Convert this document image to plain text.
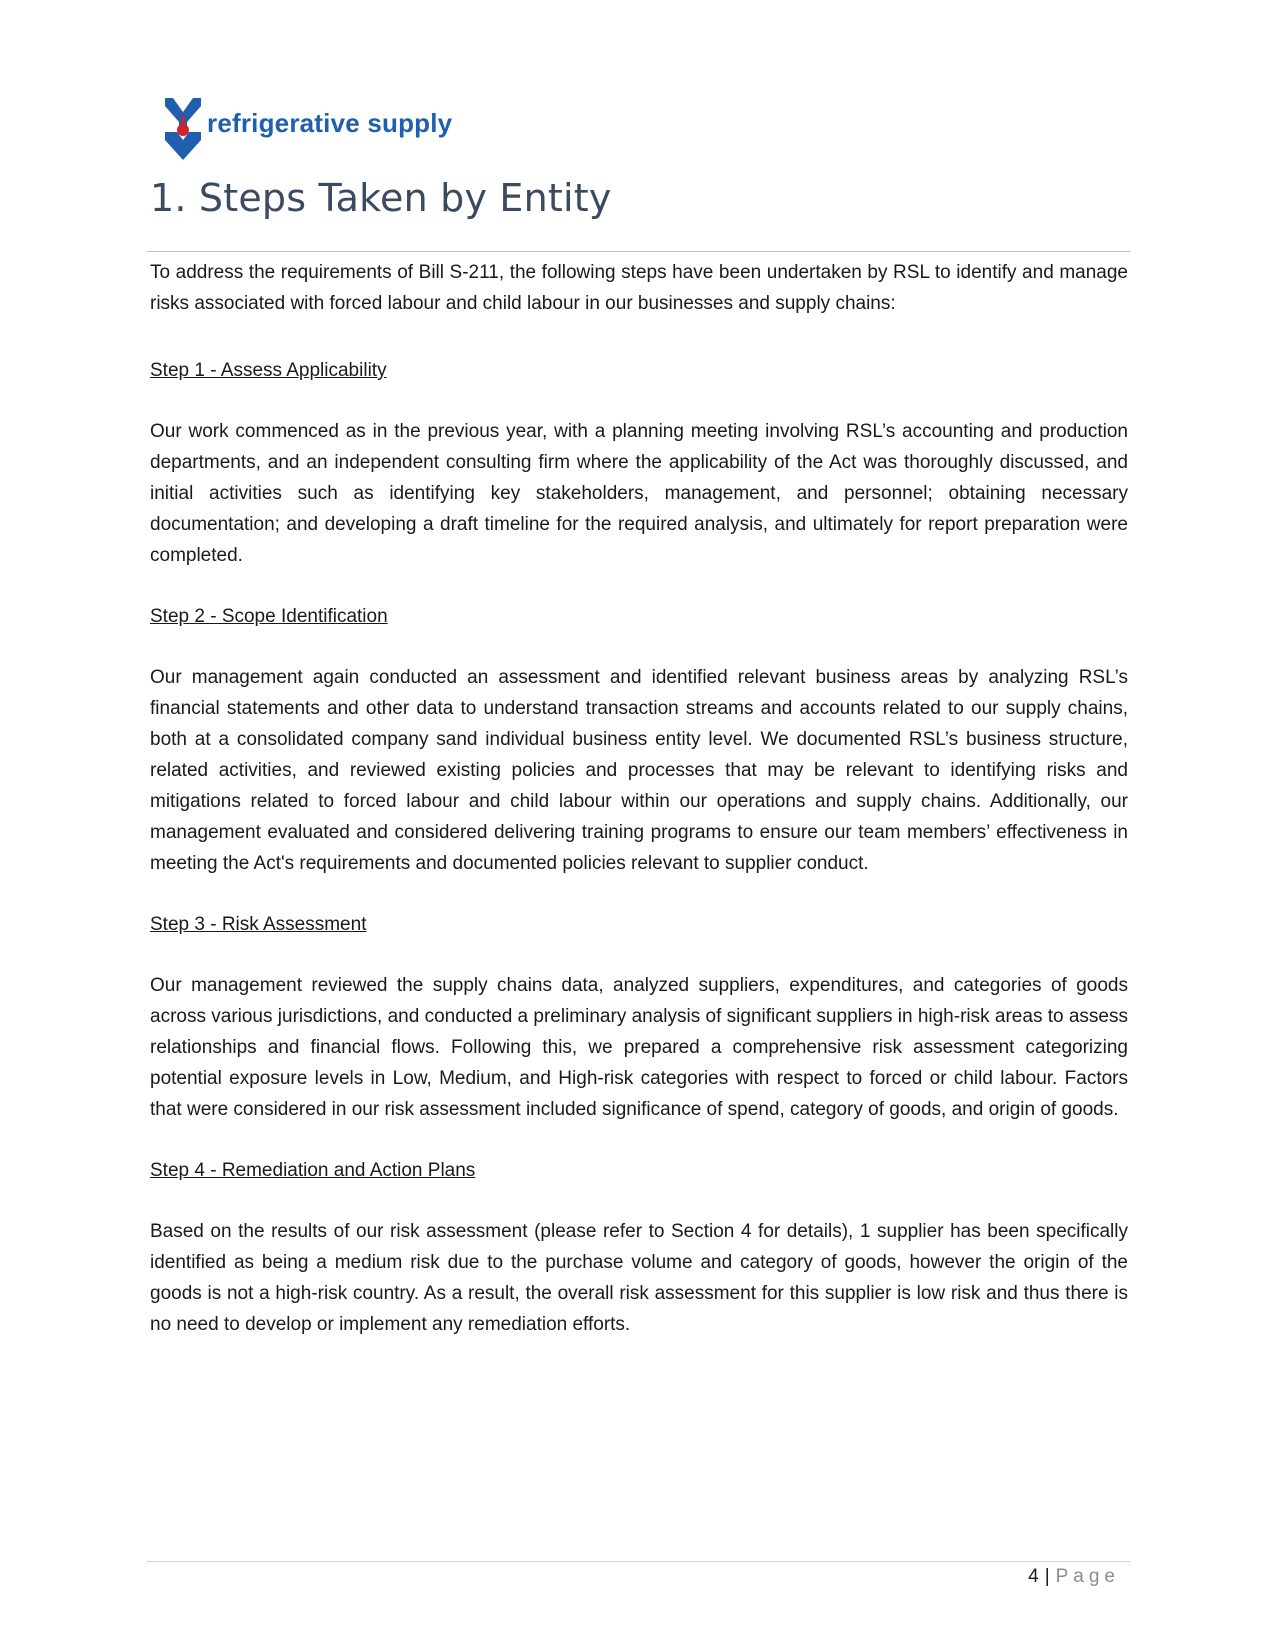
refrigerative supply
1. Steps Taken by Entity

To address the requirements of Bill S-211, the following steps have been undertaken by RSL to identify and manage risks associated with forced labour and child labour in our businesses and supply chains:

Step 1 - Assess Applicability

Our work commenced as in the previous year, with a planning meeting involving RSL’s accounting and production departments, and an independent consulting firm where the applicability of the Act was thoroughly discussed, and initial activities such as identifying key stakeholders, management, and personnel; obtaining necessary documentation; and developing a draft timeline for the required analysis, and ultimately for report preparation were completed.

Step 2 - Scope Identification

Our management again conducted an assessment and identified relevant business areas by analyzing RSL’s financial statements and other data to understand transaction streams and accounts related to our supply chains, both at a consolidated company sand individual business entity level. We documented RSL’s business structure, related activities, and reviewed existing policies and processes that may be relevant to identifying risks and mitigations related to forced labour and child labour within our operations and supply chains. Additionally, our management evaluated and considered delivering training programs to ensure our team members’ effectiveness in meeting the Act's requirements and documented policies relevant to supplier conduct.

Step 3 - Risk Assessment

Our management reviewed the supply chains data, analyzed suppliers, expenditures, and categories of goods across various jurisdictions, and conducted a preliminary analysis of significant suppliers in high-risk areas to assess relationships and financial flows. Following this, we prepared a comprehensive risk assessment categorizing potential exposure levels in Low, Medium, and High-risk categories with respect to forced or child labour. Factors that were considered in our risk assessment included significance of spend, category of goods, and origin of goods.

Step 4 - Remediation and Action Plans

Based on the results of our risk assessment (please refer to Section 4 for details), 1 supplier has been specifically identified as being a medium risk due to the purchase volume and category of goods, however the origin of the goods is not a high-risk country. As a result, the overall risk assessment for this supplier is low risk and thus there is no need to develop or implement any remediation efforts.

4 | Page
